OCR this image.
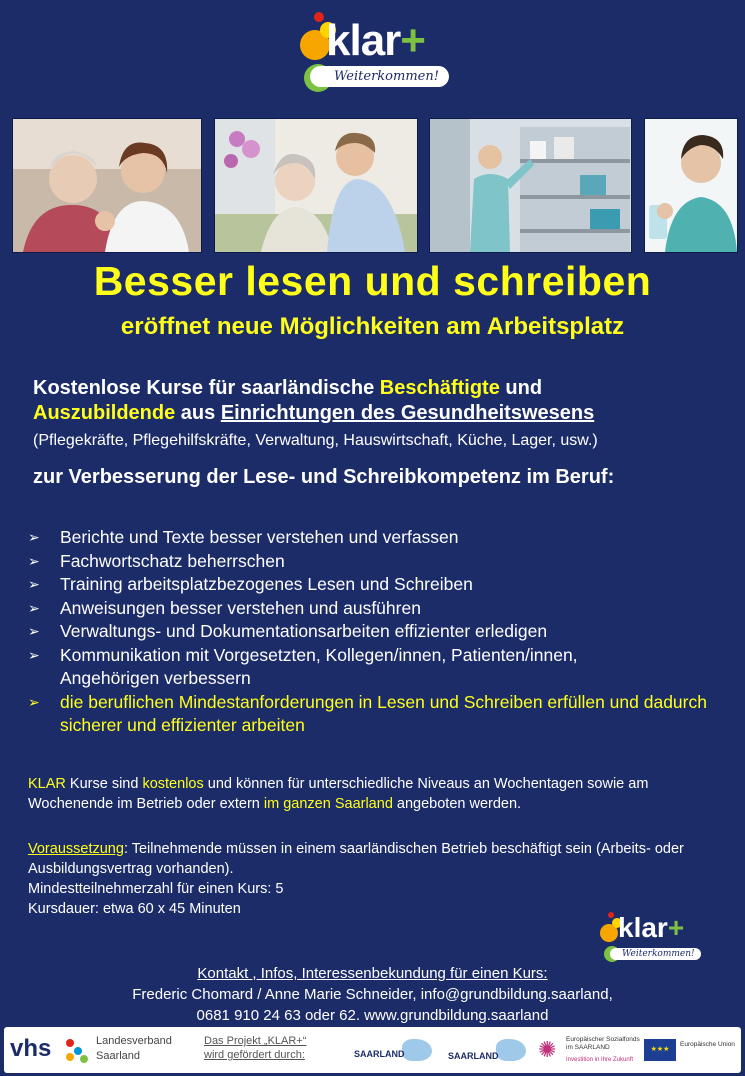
klar+
Weiterkommen!
Besser lesen und schreiben
eröffnet neue Möglichkeiten am Arbeitsplatz
Kostenlose Kurse für saarländische Beschäftigte und
Auszubildende aus Einrichtungen des Gesundheitswesens
(Pflegekräfte, Pflegehilfskräfte, Verwaltung, Hauswirtschaft, Küche, Lager, usw.)
zur Verbesserung der Lese- und Schreibkompetenz im Beruf:
➢ Berichte und Texte besser verstehen und verfassen
➢ Fachwortschatz beherrschen
➢ Training arbeitsplatzbezogenes Lesen und Schreiben
➢ Anweisungen besser verstehen und ausführen
➢ Verwaltungs- und Dokumentationsarbeiten effizienter erledigen
➢ Kommunikation mit Vorgesetzten, Kollegen/innen, Patienten/innen, Angehörigen verbessern
➢ die beruflichen Mindestanforderungen in Lesen und Schreiben erfüllen und dadurch sicherer und effizienter arbeiten
KLAR Kurse sind kostenlos und können für unterschiedliche Niveaus an Wochentagen sowie am Wochenende im Betrieb oder extern im ganzen Saarland angeboten werden.
Voraussetzung: Teilnehmende müssen in einem saarländischen Betrieb beschäftigt sein (Arbeits- oder Ausbildungsvertrag vorhanden).
Mindestteilnehmerzahl für einen Kurs: 5
Kursdauer: etwa 60 x 45 Minuten
klar+
Weiterkommen!
Kontakt , Infos, Interessenbekundung für einen Kurs:
Frederic Chomard / Anne Marie Schneider, info@grundbildung.saarland,
0681 910 24 63 oder 62. www.grundbildung.saarland
vhs	Landesverband
Saarland
Das Projekt „KLAR+“
wird gefördert durch:	SAARLAND	SAARLAND ✺ Europäischer Sozialfonds
im SAARLAND
Investition in Ihre Zukunft
★★★
Europäische Union
